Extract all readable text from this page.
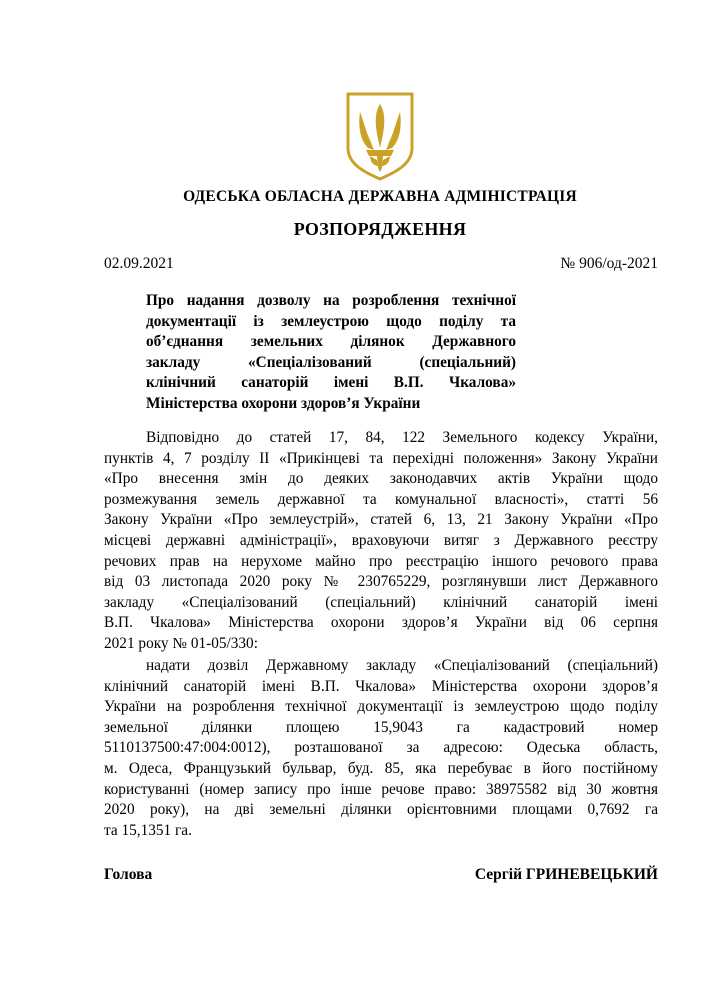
ОДЕСЬКА ОБЛАСНА ДЕРЖАВНА АДМІНІСТРАЦІЯ
РОЗПОРЯДЖЕННЯ
02.09.2021	№ 906/од-2021
Про надання дозволу на розроблення технічної
документації із землеустрою щодо поділу та
об’єднання земельних ділянок Державного
закладу «Спеціалізований (спеціальний)
клінічний санаторій імені В.П. Чкалова»
Міністерства охорони здоров’я України
Відповідно до статей 17, 84, 122 Земельного кодексу України,
пунктів 4, 7 розділу ІІ «Прикінцеві та перехідні положення» Закону України
«Про внесення змін до деяких законодавчих актів України щодо
розмежування земель державної та комунальної власності», статті 56
Закону України «Про землеустрій», статей 6, 13, 21 Закону України «Про
місцеві державні адміністрації», враховуючи витяг з Державного реєстру
речових прав на нерухоме майно про реєстрацію іншого речового права
від 03 листопада 2020 року № 230765229, розглянувши лист Державного
закладу «Спеціалізований (спеціальний) клінічний санаторій імені
В.П. Чкалова» Міністерства охорони здоров’я України від 06 серпня
2021 року № 01-05/330:
надати дозвіл Державному закладу «Спеціалізований (спеціальний)
клінічний санаторій імені В.П. Чкалова» Міністерства охорони здоров’я
України на розроблення технічної документації із землеустрою щодо поділу
земельної ділянки площею 15,9043 га кадастровий номер
5110137500:47:004:0012), розташованої за адресою: Одеська область,
м. Одеса, Французький бульвар, буд. 85, яка перебуває в його постійному
користуванні (номер запису про інше речове право: 38975582 від 30 жовтня
2020 року), на дві земельні ділянки орієнтовними площами 0,7692 га
та 15,1351 га.
Голова	Сергій ГРИНЕВЕЦЬКИЙ
